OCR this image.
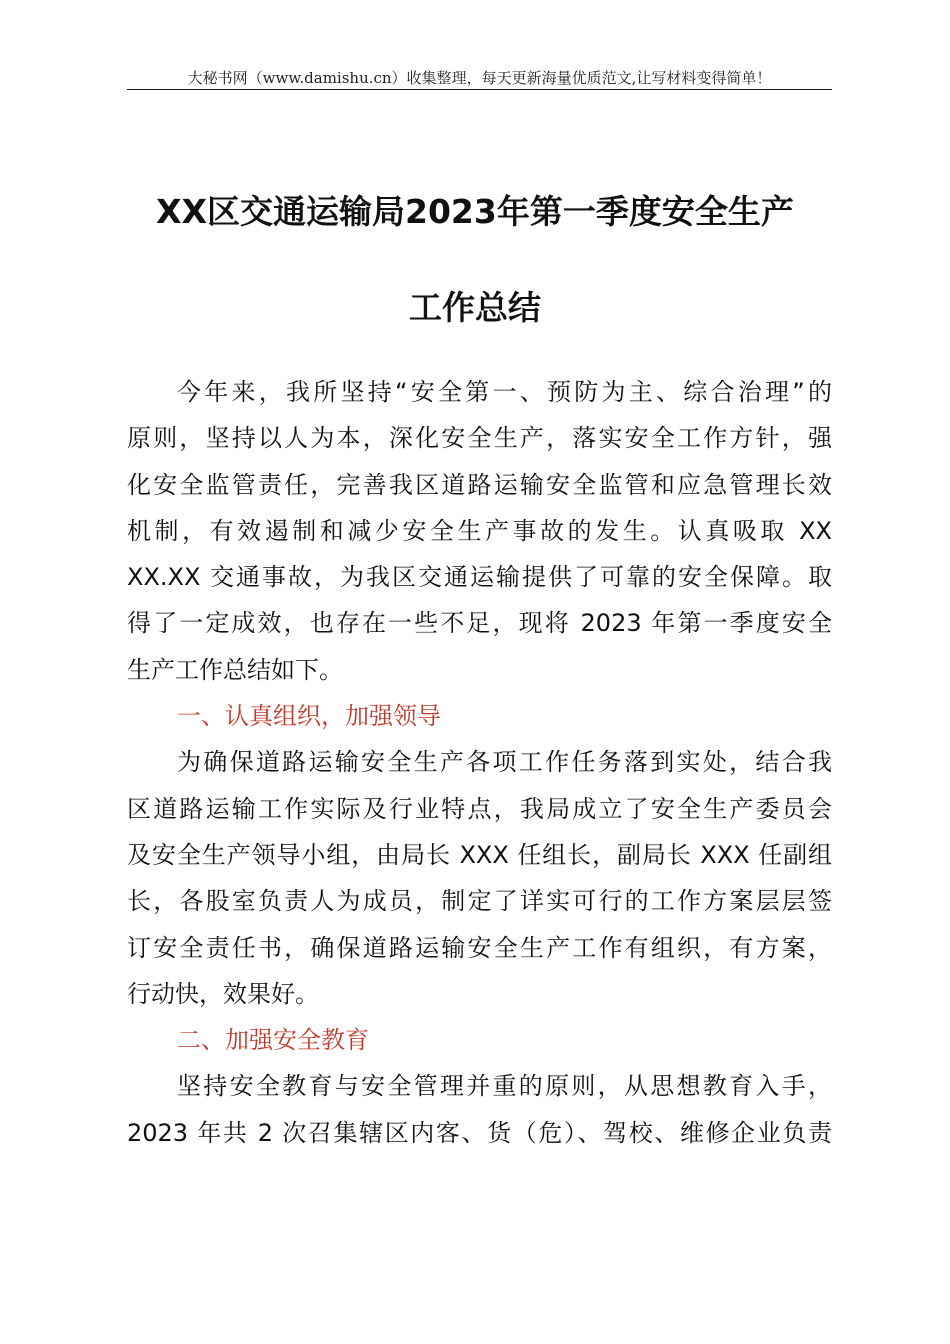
大秘书网（www.damishu.cn）收集整理，每天更新海量优质范文,让写材料变得简单！
XX区交通运输局2023年第一季度安全生产
工作总结
今年来，我所坚持“安全第一、预防为主、综合治理”的
原则，坚持以人为本，深化安全生产，落实安全工作方针，强
化安全监管责任，完善我区道路运输安全监管和应急管理长效
机制，有效遏制和减少安全生产事故的发生。认真吸取 XX
XX.XX 交通事故，为我区交通运输提供了可靠的安全保障。取
得了一定成效，也存在一些不足，现将 2023 年第一季度安全
生产工作总结如下。
一、认真组织，加强领导
为确保道路运输安全生产各项工作任务落到实处，结合我
区道路运输工作实际及行业特点，我局成立了安全生产委员会
及安全生产领导小组，由局长 XXX 任组长，副局长 XXX 任副组
长，各股室负责人为成员，制定了详实可行的工作方案层层签
订安全责任书，确保道路运输安全生产工作有组织，有方案，
行动快，效果好。
二、加强安全教育
坚持安全教育与安全管理并重的原则，从思想教育入手，
2023 年共 2 次召集辖区内客、货（危）、驾校、维修企业负责
